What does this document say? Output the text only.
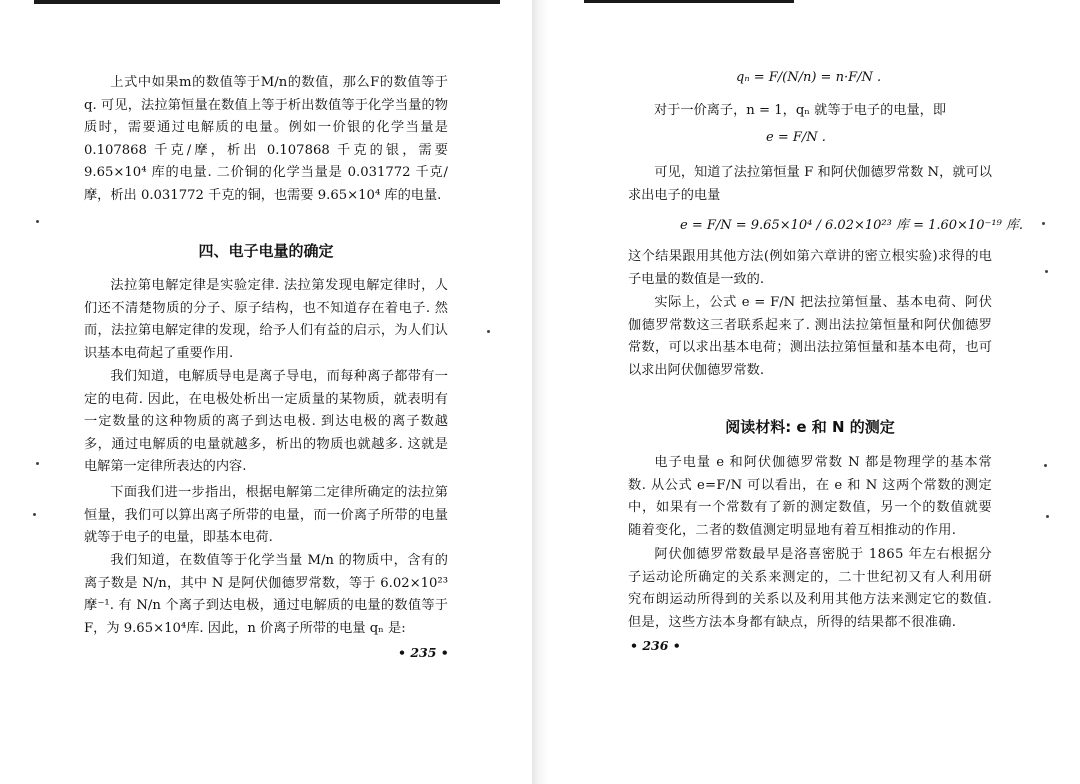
上式中如果m的数值等于M/n的数值，那么F的数值等于 q. 可见，法拉第恒量在数值上等于析出数值等于化学当量的物质时，需要通过电解质的电量。例如一价银的化学当量是 0.107868 千克/摩，析出 0.107868 千克的银，需要 9.65×10⁴ 库的电量. 二价铜的化学当量是 0.031772 千克/摩，析出 0.031772 千克的铜，也需要 9.65×10⁴ 库的电量.

四、电子电量的确定

法拉第电解定律是实验定律. 法拉第发现电解定律时，人们还不清楚物质的分子、原子结构，也不知道存在着电子. 然而，法拉第电解定律的发现，给予人们有益的启示，为人们认识基本电荷起了重要作用.

我们知道，电解质导电是离子导电，而每种离子都带有一定的电荷. 因此，在电极处析出一定质量的某物质，就表明有一定数量的这种物质的离子到达电极. 到达电极的离子数越多，通过电解质的电量就越多，析出的物质也就越多. 这就是电解第一定律所表达的内容.

下面我们进一步指出，根据电解第二定律所确定的法拉第恒量，我们可以算出离子所带的电量，而一价离子所带的电量就等于电子的电量，即基本电荷.

我们知道，在数值等于化学当量 M/n 的物质中，含有的离子数是 N/n，其中 N 是阿伏伽德罗常数，等于 6.02×10²³ 摩⁻¹. 有 N/n 个离子到达电极，通过电解质的电量的数值等于 F，为 9.65×10⁴库. 因此，n 价离子所带的电量 qₙ 是:

• 235 •
qₙ = F/(N/n) = n·F/N .

对于一价离子，n = 1，qₙ 就等于电子的电量，即

e = F/N .

可见，知道了法拉第恒量 F 和阿伏伽德罗常数 N，就可以求出电子的电量

e = F/N = 9.65×10⁴ / 6.02×10²³ 库 = 1.60×10⁻¹⁹ 库.

这个结果跟用其他方法(例如第六章讲的密立根实验)求得的电子电量的数值是一致的.

实际上，公式 e = F/N 把法拉第恒量、基本电荷、阿伏伽德罗常数这三者联系起来了. 测出法拉第恒量和阿伏伽德罗常数，可以求出基本电荷；测出法拉第恒量和基本电荷，也可以求出阿伏伽德罗常数.

阅读材料: e 和 N 的测定

电子电量 e 和阿伏伽德罗常数 N 都是物理学的基本常数. 从公式 e=F/N 可以看出，在 e 和 N 这两个常数的测定中，如果有一个常数有了新的测定数值，另一个的数值就要随着变化，二者的数值测定明显地有着互相推动的作用.

阿伏伽德罗常数最早是洛喜密脱于 1865 年左右根据分子运动论所确定的关系来测定的，二十世纪初又有人利用研究布朗运动所得到的关系以及利用其他方法来测定它的数值. 但是，这些方法本身都有缺点，所得的结果都不很准确.

• 236 •
